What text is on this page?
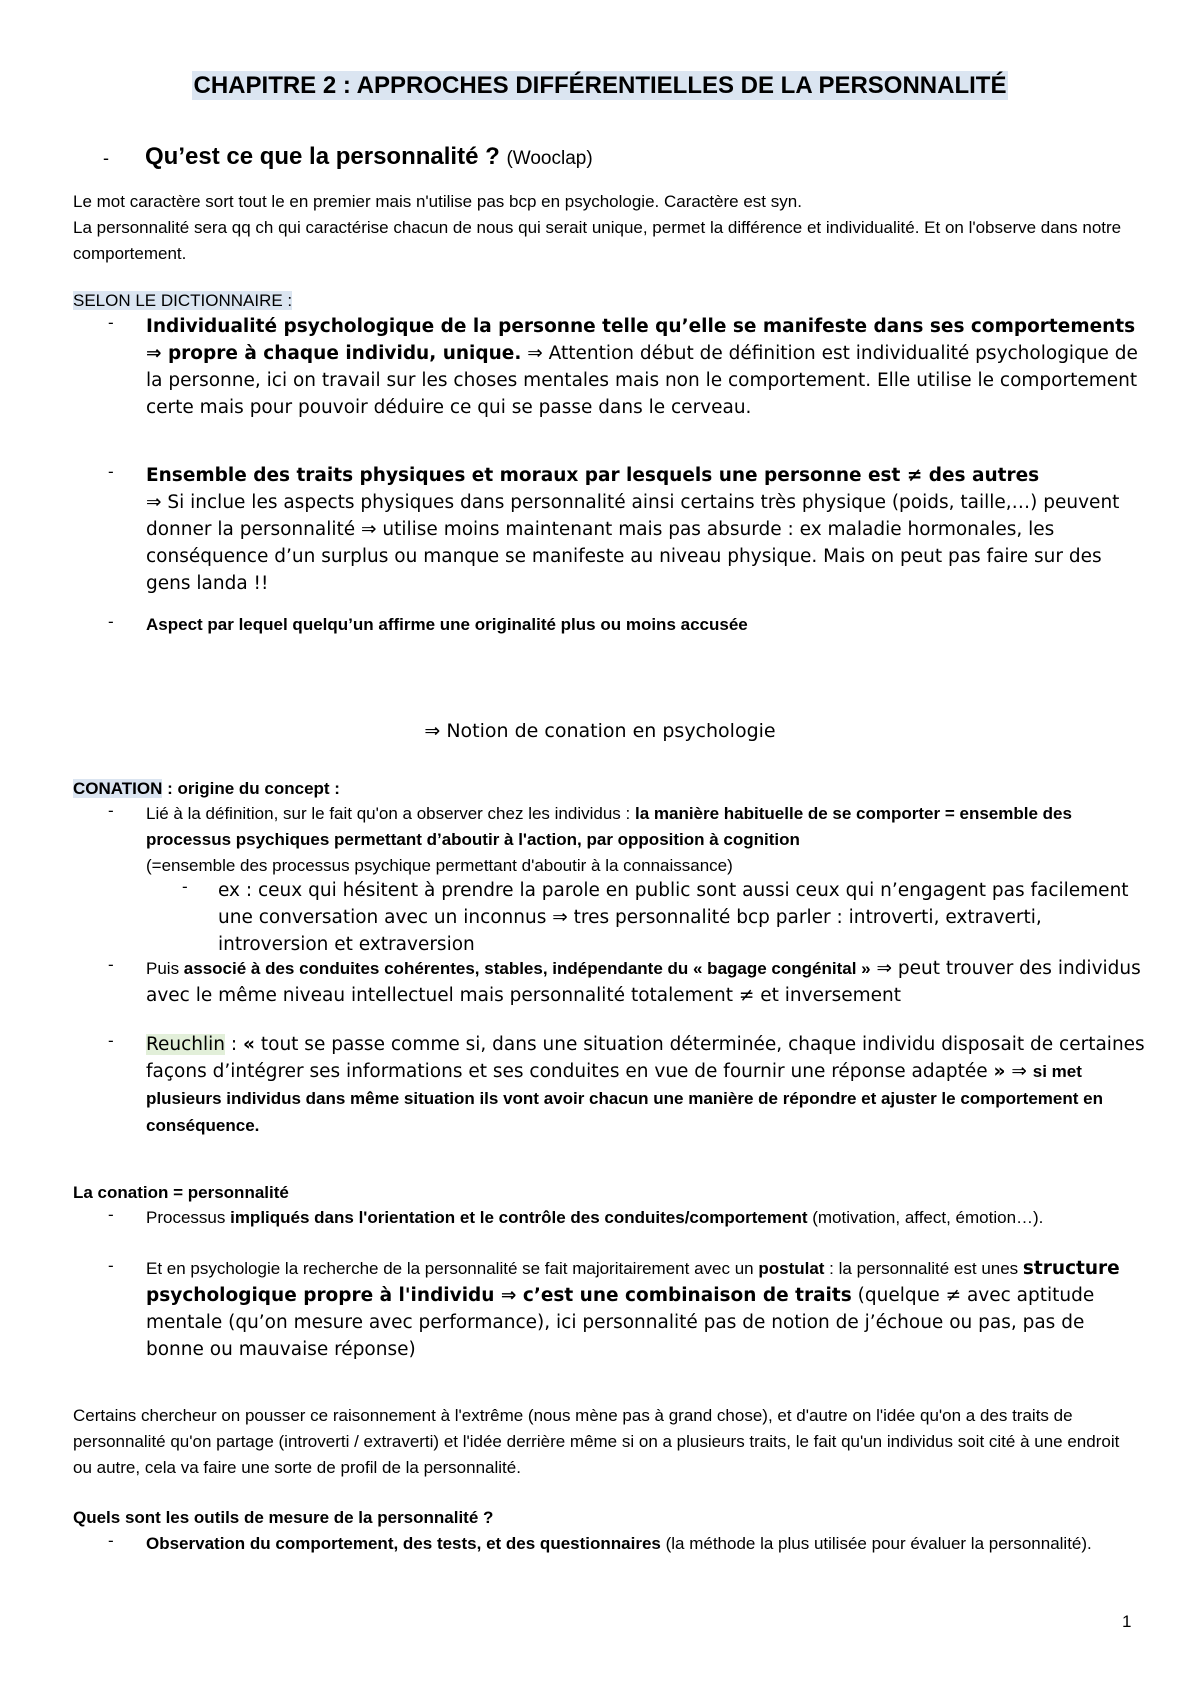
CHAPITRE 2 : APPROCHES DIFFÉRENTIELLES DE LA PERSONNALITÉ
- Qu’est ce que la personnalité ? (Wooclap)
Le mot caractère sort tout le en premier mais n'utilise pas bcp en psychologie. Caractère est syn.
La personnalité sera qq ch qui caractérise chacun de nous qui serait unique, permet la différence et individualité. Et on l'observe dans notre comportement.
SELON LE DICTIONNAIRE :
- Individualité psychologique de la personne telle qu’elle se manifeste dans ses comportements ⇒ propre à chaque individu, unique. ⇒ Attention début de définition est individualité psychologique de la personne, ici on travail sur les choses mentales mais non le comportement. Elle utilise le comportement certe mais pour pouvoir déduire ce qui se passe dans le cerveau.
- Ensemble des traits physiques et moraux par lesquels une personne est ≠ des autres
⇒ Si inclue les aspects physiques dans personnalité ainsi certains très physique (poids, taille,…) peuvent donner la personnalité ⇒ utilise moins maintenant mais pas absurde : ex maladie hormonales, les conséquence d’un surplus ou manque se manifeste au niveau physique. Mais on peut pas faire sur des gens landa !!
- Aspect par lequel quelqu’un affirme une originalité plus ou moins accusée
⇒ Notion de conation en psychologie
CONATION : origine du concept :
- Lié à la définition, sur le fait qu'on a observer chez les individus : la manière habituelle de se comporter = ensemble des processus psychiques permettant d’aboutir à l'action, par opposition à cognition
(=ensemble des processus psychique permettant d'aboutir à la connaissance)
- ex : ceux qui hésitent à prendre la parole en public sont aussi ceux qui n’engagent pas facilement une conversation avec un inconnus ⇒ tres personnalité bcp parler : introverti, extraverti, introversion et extraversion
- Puis associé à des conduites cohérentes, stables, indépendante du « bagage congénital » ⇒ peut trouver des individus avec le même niveau intellectuel mais personnalité totalement ≠ et inversement
- Reuchlin : « tout se passe comme si, dans une situation déterminée, chaque individu disposait de certaines façons d’intégrer ses informations et ses conduites en vue de fournir une réponse adaptée » ⇒ si met plusieurs individus dans même situation ils vont avoir chacun une manière de répondre et ajuster le comportement en conséquence.
La conation = personnalité
- Processus impliqués dans l'orientation et le contrôle des conduites/comportement (motivation, affect, émotion…).
- Et en psychologie la recherche de la personnalité se fait majoritairement avec un postulat : la personnalité est unes structure psychologique propre à l'individu ⇒ c’est une combinaison de traits (quelque ≠ avec aptitude mentale (qu’on mesure avec performance), ici personnalité pas de notion de j’échoue ou pas, pas de bonne ou mauvaise réponse)
Certains chercheur on pousser ce raisonnement à l'extrême (nous mène pas à grand chose), et d'autre on l'idée qu'on a des traits de personnalité qu'on partage (introverti / extraverti) et l'idée derrière même si on a plusieurs traits, le fait qu'un individus soit cité à une endroit ou autre, cela va faire une sorte de profil de la personnalité.
Quels sont les outils de mesure de la personnalité ?
- Observation du comportement, des tests, et des questionnaires (la méthode la plus utilisée pour évaluer la personnalité).
1
